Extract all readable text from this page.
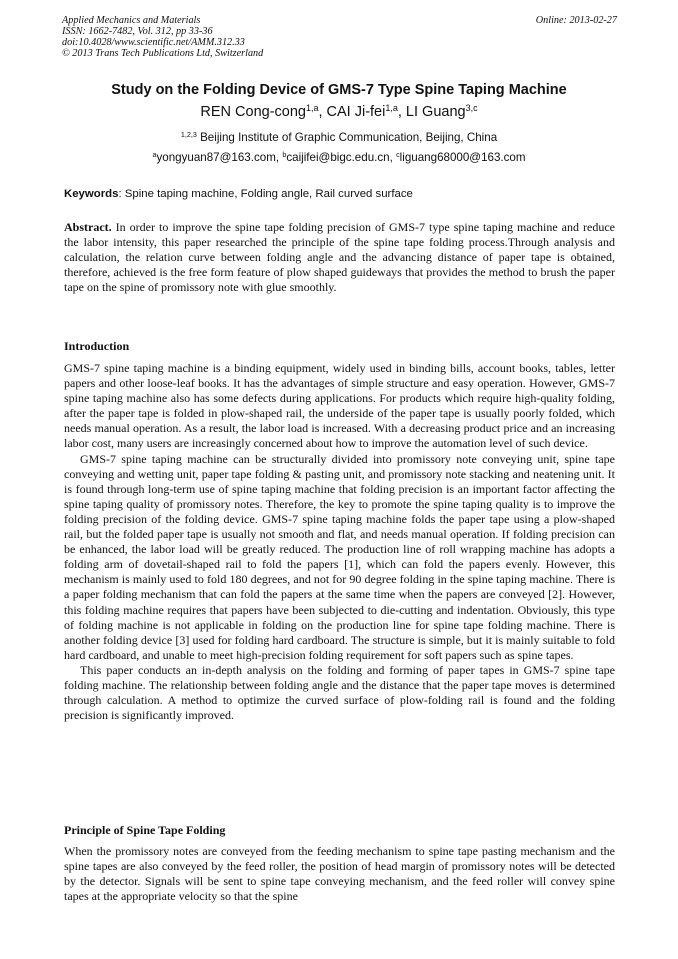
Applied Mechanics and Materials
ISSN: 1662-7482, Vol. 312, pp 33-36
doi:10.4028/www.scientific.net/AMM.312.33
© 2013 Trans Tech Publications Ltd, Switzerland
Online: 2013-02-27
Study on the Folding Device of GMS-7 Type Spine Taping Machine
REN Cong-cong$^{1,a}$, CAI Ji-fei$^{1,a}$, LI Guang$^{3,c}$
$^{1,2,3}$ Beijing Institute of Graphic Communication, Beijing, China
$^a$yongyuan87@163.com, $^b$caijifei@bigc.edu.cn, $^c$liguang68000@163.com
Keywords: Spine taping machine, Folding angle, Rail curved surface

Abstract. In order to improve the spine tape folding precision of GMS-7 type spine taping machine and reduce the labor intensity, this paper researched the principle of the spine tape folding process.Through analysis and calculation, the relation curve between folding angle and the advancing distance of paper tape is obtained, therefore, achieved is the free form feature of plow shaped guideways that provides the method to brush the paper tape on the spine of promissory note with glue smoothly.

Introduction

GMS-7 spine taping machine is a binding equipment, widely used in binding bills, account books, tables, letter papers and other loose-leaf books. It has the advantages of simple structure and easy operation. However, GMS-7 spine taping machine also has some defects during applications. For products which require high-quality folding, after the paper tape is folded in plow-shaped rail, the underside of the paper tape is usually poorly folded, which needs manual operation. As a result, the labor load is increased. With a decreasing product price and an increasing labor cost, many users are increasingly concerned about how to improve the automation level of such device.

GMS-7 spine taping machine can be structurally divided into promissory note conveying unit, spine tape conveying and wetting unit, paper tape folding & pasting unit, and promissory note stacking and neatening unit. It is found through long-term use of spine taping machine that folding precision is an important factor affecting the spine taping quality of promissory notes. Therefore, the key to promote the spine taping quality is to improve the folding precision of the folding device. GMS-7 spine taping machine folds the paper tape using a plow-shaped rail, but the folded paper tape is usually not smooth and flat, and needs manual operation. If folding precision can be enhanced, the labor load will be greatly reduced. The production line of roll wrapping machine has adopts a folding arm of dovetail-shaped rail to fold the papers [1], which can fold the papers evenly. However, this mechanism is mainly used to fold 180 degrees, and not for 90 degree folding in the spine taping machine. There is a paper folding mechanism that can fold the papers at the same time when the papers are conveyed [2]. However, this folding machine requires that papers have been subjected to die-cutting and indentation. Obviously, this type of folding machine is not applicable in folding on the production line for spine tape folding machine. There is another folding device [3] used for folding hard cardboard. The structure is simple, but it is mainly suitable to fold hard cardboard, and unable to meet high-precision folding requirement for soft papers such as spine tapes.

This paper conducts an in-depth analysis on the folding and forming of paper tapes in GMS-7 spine tape folding machine. The relationship between folding angle and the distance that the paper tape moves is determined through calculation. A method to optimize the curved surface of plow-folding rail is found and the folding precision is significantly improved.

Principle of Spine Tape Folding

When the promissory notes are conveyed from the feeding mechanism to spine tape pasting mechanism and the spine tapes are also conveyed by the feed roller, the position of head margin of promissory notes will be detected by the detector. Signals will be sent to spine tape conveying mechanism, and the feed roller will convey spine tapes at the appropriate velocity so that the spine
